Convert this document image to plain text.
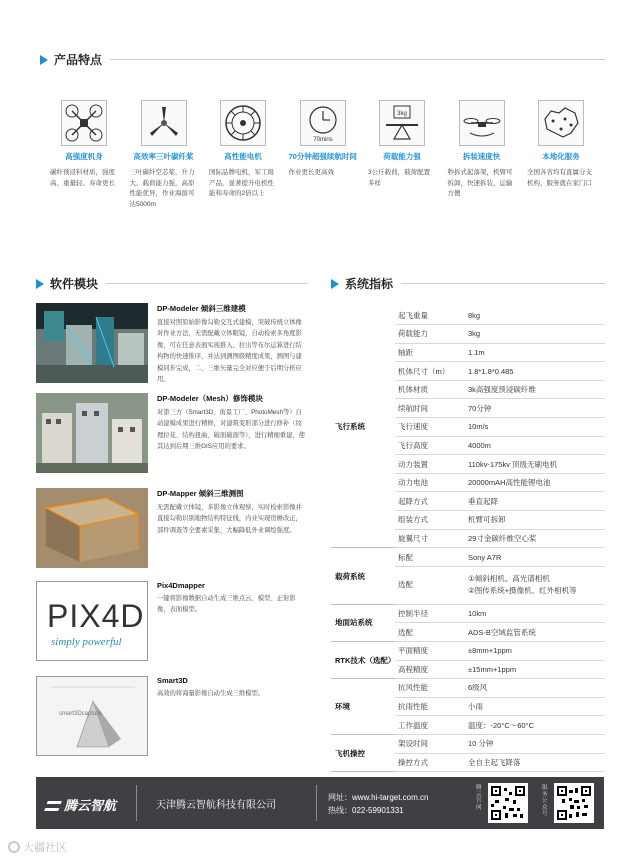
产品特点
高强度机身
碳纤预浸料材质，强度高、重量轻、寿命更长
高效率三叶碳纤桨
三叶碳纤空芯桨，升力大、载荷能力强，高原性能优异，作业海拔可达5000m
高性能电机
国际品牌电机，军工级产品，显著提升电机性能和寿命的2倍以上
70mins
70分钟超强续航时间
作业更长更高效
3kg
荷载能力强
3公斤载荷，载荷配置多样
拆装速度快
秒拆式起落架，机臂可拆卸，快速拆装，运输方便
本地化服务
全国各省均有直属分支机构，服务就在家门口
软件模块	系统指标
DP-Modeler 倾斜三维建模
直接对照原始影像勾勒交互式建模，突破传统立体像对作业方法，无需配戴立体眼镜，自动检索多角度影像，可在任意表面实现推入、拉出等布尔运算进行结构物的快速推序，并达到测图级精度成果，测图与建模同步完成，二、三维矢量完全对应便于后期分析应用。
DP-Modeler（Mesh）修饰模块
对第三方（Smart3D、街景工厂、PhotoMesh等）自动建模成果进行精修，对建筑变形部分进行修补（纹理拉花、结构扭曲、破面破面等），进行精细重建，使其达到后期三维GIS应用的要求。
DP-Mapper 倾斜三维测图
无需配戴立体镜，多影像立体观察，实时检索影像并直接勾勒识别地物结构特征线，内业实现房檐改正，部件调查等全要素采集，大幅降低外业调绘强度。
PIX4D
simply powerful
Pix4Dmapper
一键将影像数据自动生成三维点云、模型、正射影像、表面模型。
smart3Dcapture
Smart3D
高效的将海量影像自动生成三维模型。
飞行系统	起飞重量	8kg
	荷载能力	3kg
	轴距	1.1m
	机体尺寸（m）	1.8*1.8*0.485
	机体材质	3k高强度预浸碳纤维
	续航时间	70分钟
	飞行速度	10m/s
	飞行高度	4000m
	动力装置	110kv-175kv 顶级无刷电机
	动力电池	20000mAH高性能锂电池
	起降方式	垂直起降
	组装方式	机臂可拆卸
	旋翼尺寸	29寸金碳纤维空心桨
载荷系统	标配	Sony A7R
	选配	①倾斜相机、高光谱相机
②图传系统+摄像机、红外相机等

地面站系统	控制半径	10km
	选配	ADS-B空域监管系统
RTK技术（选配）	平面精度	±8mm+1ppm
	高程精度	±15mm+1ppm
环境	抗风性能	6级风
	抗雨性能	小雨
	工作温度	温度：-20°C～60°C
飞机操控	架设时间	10 分钟
	操控方式	全自主起飞降落
腾云智航	天津腾云智航科技有限公司
网址：www.hi-target.com.cn
热线：022-59901331
腾云官网
服务公众号
大疆社区
